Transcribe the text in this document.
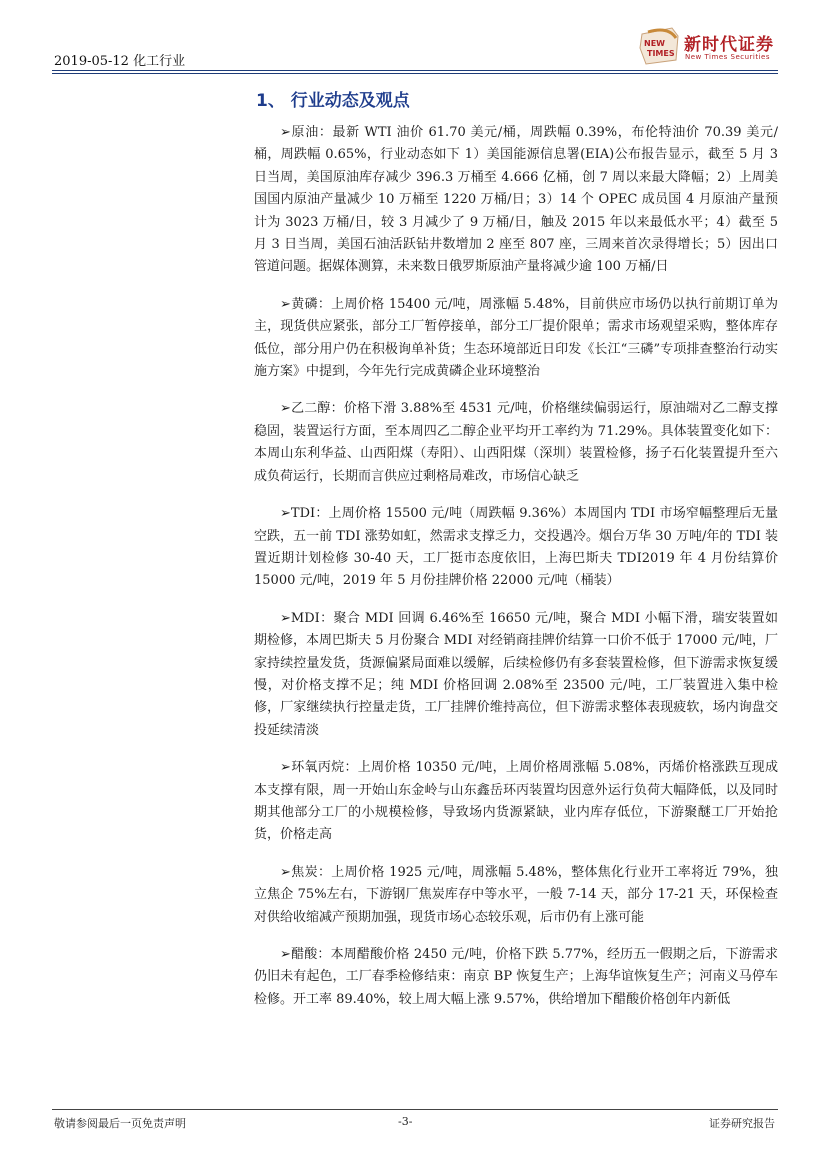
2019-05-12 化工行业
NEW
TIMES 新时代证券
New Times Securities
1、 行业动态及观点

➢原油：最新 WTI 油价 61.70 美元/桶，周跌幅 0.39%，布伦特油价 70.39 美元/桶，周跌幅 0.65%，行业动态如下 1）美国能源信息署(EIA)公布报告显示，截至 5 月 3 日当周，美国原油库存减少 396.3 万桶至 4.666 亿桶，创 7 周以来最大降幅；2）上周美国国内原油产量减少 10 万桶至 1220 万桶/日；3）14 个 OPEC 成员国 4 月原油产量预计为 3023 万桶/日，较 3 月减少了 9 万桶/日，触及 2015 年以来最低水平；4）截至 5 月 3 日当周，美国石油活跃钻井数增加 2 座至 807 座，三周来首次录得增长；5）因出口管道问题。据媒体测算，未来数日俄罗斯原油产量将减少逾 100 万桶/日

➢黄磷：上周价格 15400 元/吨，周涨幅 5.48%，目前供应市场仍以执行前期订单为主，现货供应紧张，部分工厂暂停接单，部分工厂提价限单；需求市场观望采购，整体库存低位，部分用户仍在积极询单补货；生态环境部近日印发《长江“三磷”专项排查整治行动实施方案》中提到，今年先行完成黄磷企业环境整治

➢乙二醇：价格下滑 3.88%至 4531 元/吨，价格继续偏弱运行，原油端对乙二醇支撑稳固，装置运行方面，至本周四乙二醇企业平均开工率约为 71.29%。具体装置变化如下：本周山东利华益、山西阳煤（寿阳）、山西阳煤（深圳）装置检修，扬子石化装置提升至六成负荷运行，长期而言供应过剩格局难改，市场信心缺乏

➢TDI：上周价格 15500 元/吨（周跌幅 9.36%）本周国内 TDI 市场窄幅整理后无量空跌，五一前 TDI 涨势如虹，然需求支撑乏力，交投遇冷。烟台万华 30 万吨/年的 TDI 装置近期计划检修 30-40 天，工厂挺市态度依旧，上海巴斯夫 TDI2019 年 4 月份结算价 15000 元/吨，2019 年 5 月份挂牌价格 22000 元/吨（桶装）

➢MDI：聚合 MDI 回调 6.46%至 16650 元/吨，聚合 MDI 小幅下滑，瑞安装置如期检修，本周巴斯夫 5 月份聚合 MDI 对经销商挂牌价结算一口价不低于 17000 元/吨，厂家持续控量发货，货源偏紧局面难以缓解，后续检修仍有多套装置检修，但下游需求恢复缓慢，对价格支撑不足；纯 MDI 价格回调 2.08%至 23500 元/吨，工厂装置进入集中检修，厂家继续执行控量走货，工厂挂牌价维持高位，但下游需求整体表现疲软，场内询盘交投延续清淡

➢环氧丙烷：上周价格 10350 元/吨，上周价格周涨幅 5.08%，丙烯价格涨跌互现成本支撑有限，周一开始山东金岭与山东鑫岳环丙装置均因意外运行负荷大幅降低，以及同时期其他部分工厂的小规模检修，导致场内货源紧缺，业内库存低位，下游聚醚工厂开始抢货，价格走高

➢焦炭：上周价格 1925 元/吨，周涨幅 5.48%，整体焦化行业开工率将近 79%，独立焦企 75%左右，下游钢厂焦炭库存中等水平，一般 7-14 天，部分 17-21 天，环保检查对供给收缩减产预期加强，现货市场心态较乐观，后市仍有上涨可能

➢醋酸：本周醋酸价格 2450 元/吨，价格下跌 5.77%，经历五一假期之后，下游需求仍旧未有起色，工厂春季检修结束：南京 BP 恢复生产；上海华谊恢复生产；河南义马停车检修。开工率 89.40%，较上周大幅上涨 9.57%，供给增加下醋酸价格创年内新低

敬请参阅最后一页免责声明	-3-	证券研究报告
